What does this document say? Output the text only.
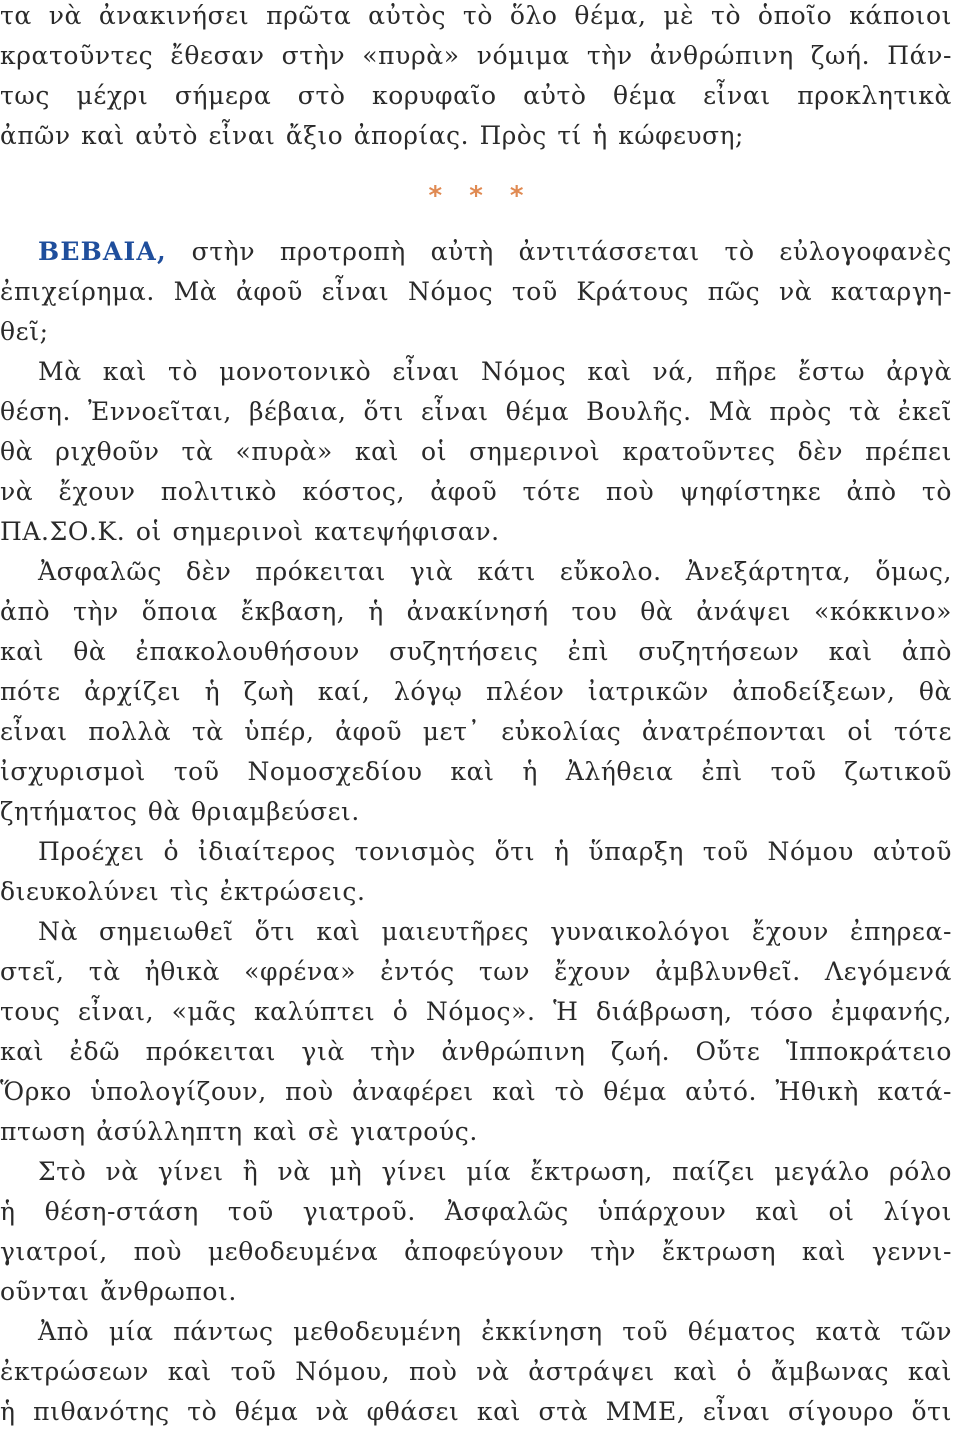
τα νὰ ἀνακινήσει πρῶτα αὐτὸς τὸ ὅλο θέμα, μὲ τὸ ὁποῖο κάποιοι
κρατοῦντες ἔθεσαν στὴν «πυρὰ» νόμιμα τὴν ἀνθρώπινη ζωή. Πάν-
τως μέχρι σήμερα στὸ κορυφαῖο αὐτὸ θέμα εἶναι προκλητικὰ
ἀπῶν καὶ αὐτὸ εἶναι ἄξιο ἀπορίας. Πρὸς τί ἡ κώφευση;
* * *
ΒΕΒΑΙΑ, στὴν προτροπὴ αὐτὴ ἀντιτάσσεται τὸ εὐλογοφανὲς
ἐπιχείρημα. Μὰ ἀφοῦ εἶναι Νόμος τοῦ Κράτους πῶς νὰ καταργη-
θεῖ;
Μὰ καὶ τὸ μονοτονικὸ εἶναι Νόμος καὶ νά, πῆρε ἔστω ἀργὰ
θέση. Ἐννοεῖται, βέβαια, ὅτι εἶναι θέμα Βουλῆς. Μὰ πρὸς τὰ ἐκεῖ
θὰ ριχθοῦν τὰ «πυρὰ» καὶ οἱ σημερινοὶ κρατοῦντες δὲν πρέπει
νὰ ἔχουν πολιτικὸ κόστος, ἀφοῦ τότε ποὺ ψηφίστηκε ἀπὸ τὸ
ΠΑ.ΣΟ.Κ. οἱ σημερινοὶ κατεψήφισαν.
Ἀσφαλῶς δὲν πρόκειται γιὰ κάτι εὔκολο. Ἀνεξάρτητα, ὅμως,
ἀπὸ τὴν ὅποια ἔκβαση, ἡ ἀνακίνησή του θὰ ἀνάψει «κόκκινο»
καὶ θὰ ἐπακολουθήσουν συζητήσεις ἐπὶ συζητήσεων καὶ ἀπὸ
πότε ἀρχίζει ἡ ζωὴ καί, λόγῳ πλέον ἰατρικῶν ἀποδείξεων, θὰ
εἶναι πολλὰ τὰ ὑπέρ, ἀφοῦ μετ᾽ εὐκολίας ἀνατρέπονται οἱ τότε
ἰσχυρισμοὶ τοῦ Νομοσχεδίου καὶ ἡ Ἀλήθεια ἐπὶ τοῦ ζωτικοῦ
ζητήματος θὰ θριαμβεύσει.
Προέχει ὁ ἰδιαίτερος τονισμὸς ὅτι ἡ ὕπαρξη τοῦ Νόμου αὐτοῦ
διευκολύνει τὶς ἐκτρώσεις.
Νὰ σημειωθεῖ ὅτι καὶ μαιευτῆρες γυναικολόγοι ἔχουν ἐπηρεα-
στεῖ, τὰ ἠθικὰ «φρένα» ἐντός των ἔχουν ἀμβλυνθεῖ. Λεγόμενά
τους εἶναι, «μᾶς καλύπτει ὁ Νόμος». Ἡ διάβρωση, τόσο ἐμφανής,
καὶ ἐδῶ πρόκειται γιὰ τὴν ἀνθρώπινη ζωή. Οὔτε Ἱπποκράτειο
Ὅρκο ὑπολογίζουν, ποὺ ἀναφέρει καὶ τὸ θέμα αὐτό. Ἠθικὴ κατά-
πτωση ἀσύλληπτη καὶ σὲ γιατρούς.
Στὸ νὰ γίνει ἢ νὰ μὴ γίνει μία ἔκτρωση, παίζει μεγάλο ρόλο
ἡ θέση-στάση τοῦ γιατροῦ. Ἀσφαλῶς ὑπάρχουν καὶ οἱ λίγοι
γιατροί, ποὺ μεθοδευμένα ἀποφεύγουν τὴν ἔκτρωση καὶ γεννι-
οῦνται ἄνθρωποι.
Ἀπὸ μία πάντως μεθοδευμένη ἐκκίνηση τοῦ θέματος κατὰ τῶν
ἐκτρώσεων καὶ τοῦ Νόμου, ποὺ νὰ ἀστράψει καὶ ὁ ἄμβωνας καὶ
ἡ πιθανότης τὸ θέμα νὰ φθάσει καὶ στὰ ΜΜΕ, εἶναι σίγουρο ὅτι
